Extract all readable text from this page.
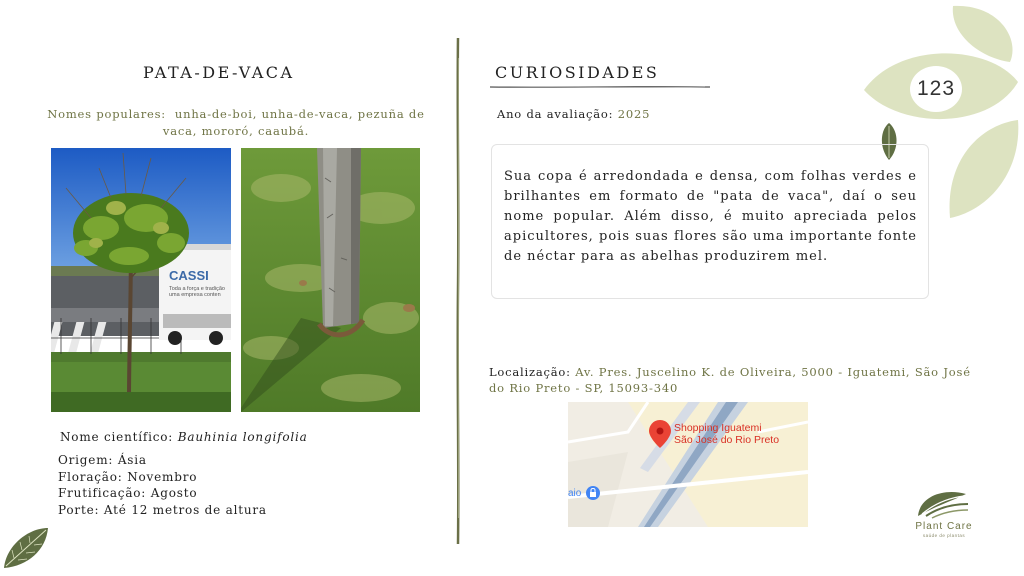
123
PATA-DE-VACA
Nomes populares: unha-de-boi, unha-de-vaca, pezuña de
vaca, mororó, caaubá.
CASSI
Toda a força e tradição
uma empresa conten
Nome científico: Bauhinia longifolia
Origem: Ásia
Floração: Novembro
Frutificação: Agosto
Porte: Até 12 metros de altura
CURIOSIDADES
Ano da avaliação: 2025
Sua copa é arredondada e densa, com folhas verdes e brilhantes em formato de "pata de vaca", daí o seu nome popular. Além disso, é muito apreciada pelos apicultores, pois suas flores são uma importante fonte de néctar para as abelhas produzirem mel.
Localização: Av. Pres. Juscelino K. de Oliveira, 5000 - Iguatemi, São José
do Rio Preto - SP, 15093-340
aio
Shopping Iguatemi
São José do Rio Preto
Plant Care
saúde de plantas
